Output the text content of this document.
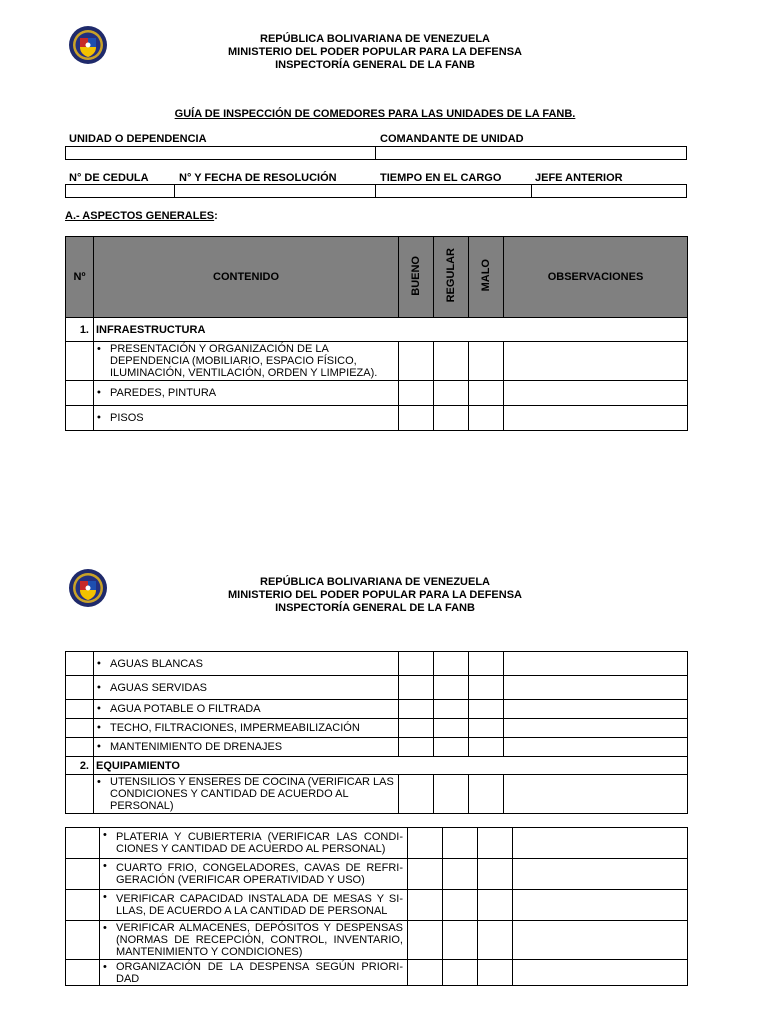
REPÚBLICA BOLIVARIANA DE VENEZUELA
MINISTERIO DEL PODER POPULAR PARA LA DEFENSA
INSPECTORÍA GENERAL DE LA FANB
GUÍA DE INSPECCIÓN DE COMEDORES PARA LAS UNIDADES DE LA FANB.
UNIDAD O DEPENDENCIA	COMANDANTE DE UNIDAD
N° DE CEDULA	N° Y FECHA DE RESOLUCIÓN	TIEMPO EN EL CARGO	JEFE ANTERIOR
A.- ASPECTOS GENERALES:
Nº	CONTENIDO	BUENO	REGULAR	MALO	OBSERVACIONES
1.	INFRAESTRUCTURA				
	• PRESENTACIÓN Y ORGANIZACIÓN DE LA DEPENDENCIA (MOBILIARIO, ESPACIO FÍSICO, ILUMINACIÓN, VENTILACIÓN, ORDEN Y LIMPIEZA).				
	• PAREDES, PINTURA				
	• PISOS				
REPÚBLICA BOLIVARIANA DE VENEZUELA
MINISTERIO DEL PODER POPULAR PARA LA DEFENSA
INSPECTORÍA GENERAL DE LA FANB
	• AGUAS BLANCAS				
	• AGUAS SERVIDAS				
	• AGUA POTABLE O FILTRADA				
	• TECHO, FILTRACIONES, IMPERMEABILIZACIÓN				
	• MANTENIMIENTO DE DRENAJES				
2.	EQUIPAMIENTO				
	• UTENSILIOS Y ENSERES DE COCINA (VERIFICAR LAS CONDICIONES Y CANTIDAD DE ACUERDO AL PERSONAL)				
	• PLATERIA Y CUBIERTERIA (VERIFICAR LAS CONDI-CIONES Y CANTIDAD DE ACUERDO AL PERSONAL)				
	• CUARTO FRIO, CONGELADORES, CAVAS DE REFRI-GERACIÓN (VERIFICAR OPERATIVIDAD Y USO)				
	• VERIFICAR CAPACIDAD INSTALADA DE MESAS Y SI-LLAS, DE ACUERDO A LA CANTIDAD DE PERSONAL				
	• VERIFICAR ALMACENES, DEPÓSITOS Y DESPENSAS (NORMAS DE RECEPCIÓN, CONTROL, INVENTARIO, MANTENIMIENTO Y CONDICIONES)				
	• ORGANIZACIÓN DE LA DESPENSA SEGÚN PRIORI-DAD				
